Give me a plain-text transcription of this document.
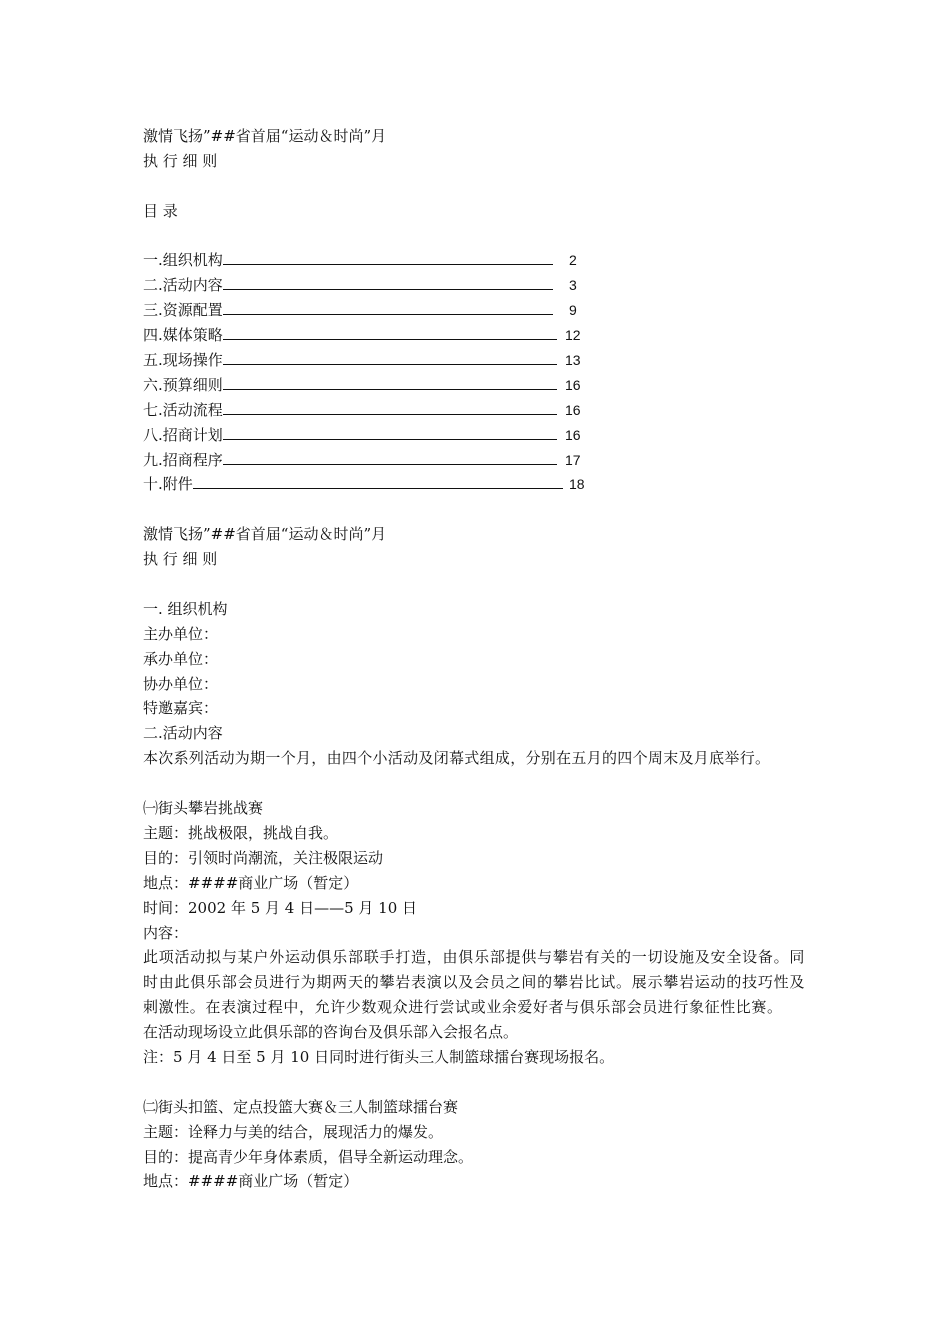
激情飞扬”##省首届“运动＆时尚”月
执 行 细 则
目 录
一.组织机构	2
二.活动内容	3
三.资源配置	9
四.媒体策略	12
五.现场操作	13
六.预算细则	16
七.活动流程	16
八.招商计划	16
九.招商程序	17
十.附件	18
激情飞扬”##省首届“运动＆时尚”月
执 行 细 则
一. 组织机构
主办单位：
承办单位：
协办单位：
特邀嘉宾：
二.活动内容
本次系列活动为期一个月，由四个小活动及闭幕式组成，分别在五月的四个周末及月底举行。
㈠街头攀岩挑战赛
主题：挑战极限，挑战自我。
目的：引领时尚潮流，关注极限运动
地点：####商业广场（暂定）
时间：2002 年 5 月 4 日——5 月 10 日
内容：
此项活动拟与某户外运动俱乐部联手打造，由俱乐部提供与攀岩有关的一切设施及安全设备。同时由此俱乐部会员进行为期两天的攀岩表演以及会员之间的攀岩比试。展示攀岩运动的技巧性及刺激性。在表演过程中，允许少数观众进行尝试或业余爱好者与俱乐部会员进行象征性比赛。
在活动现场设立此俱乐部的咨询台及俱乐部入会报名点。
注：5 月 4 日至 5 月 10 日同时进行街头三人制篮球擂台赛现场报名。
㈡街头扣篮、定点投篮大赛＆三人制篮球擂台赛
主题：诠释力与美的结合，展现活力的爆发。
目的：提高青少年身体素质，倡导全新运动理念。
地点：####商业广场（暂定）
